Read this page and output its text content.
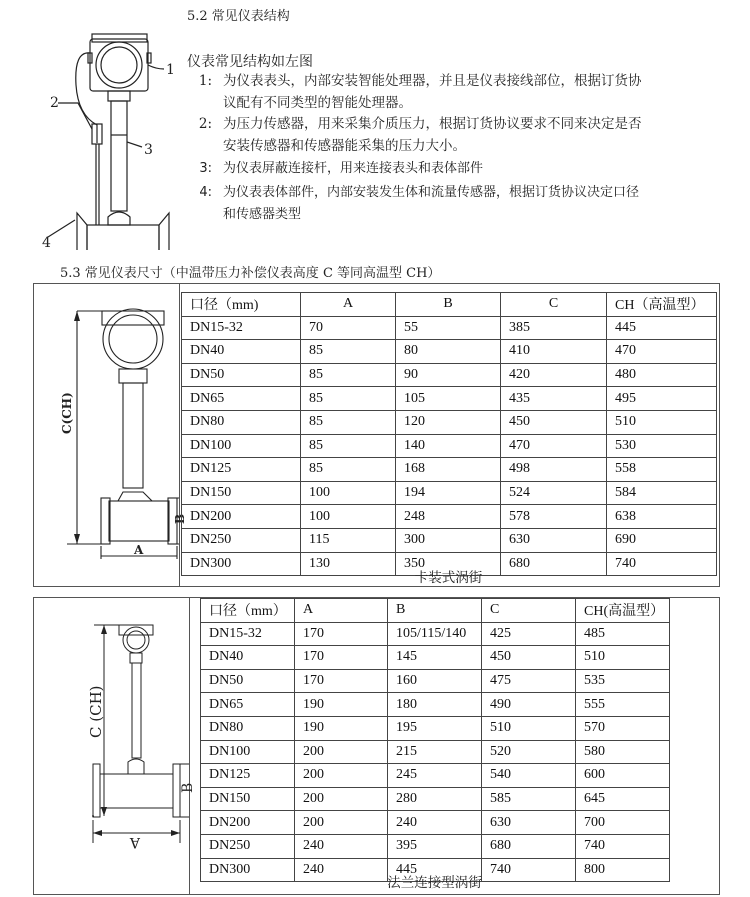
5.2 常见仪表结构
1
2
3
4
仪表常见结构如左图
1: 为仪表表头，内部安装智能处理器，并且是仪表接线部位，根据订货协
议配有不同类型的智能处理器。
2: 为压力传感器，用来采集介质压力，根据订货协议要求不同来决定是否
安装传感器和传感器能采集的压力大小。
3: 为仪表屏蔽连接杆，用来连接表头和表体部件
4: 为仪表表体部件，内部安装发生体和流量传感器，根据订货协议决定口径
和传感器类型
5.3 常见仪表尺寸（中温带压力补偿仪表高度 C 等同高温型 CH）
C(CH)
A
B
口径（mm)	A	B	C	CH（高温型）
DN15-32	70	55	385	445
DN40	85	80	410	470
DN50	85	90	420	480
DN65	85	105	435	495
DN80	85	120	450	510
DN100	85	140	470	530
DN125	85	168	498	558
DN150	100	194	524	584
DN200	100	248	578	638
DN250	115	300	630	690
DN300	130	350	680	740
卡装式涡街
C (CH)
A
B
口径（mm）	A	B	C	CH(高温型）
DN15-32	170	105/115/140	425	485
DN40	170	145	450	510
DN50	170	160	475	535
DN65	190	180	490	555
DN80	190	195	510	570
DN100	200	215	520	580
DN125	200	245	540	600
DN150	200	280	585	645
DN200	200	240	630	700
DN250	240	395	680	740
DN300	240	445	740	800
法兰连接型涡街
